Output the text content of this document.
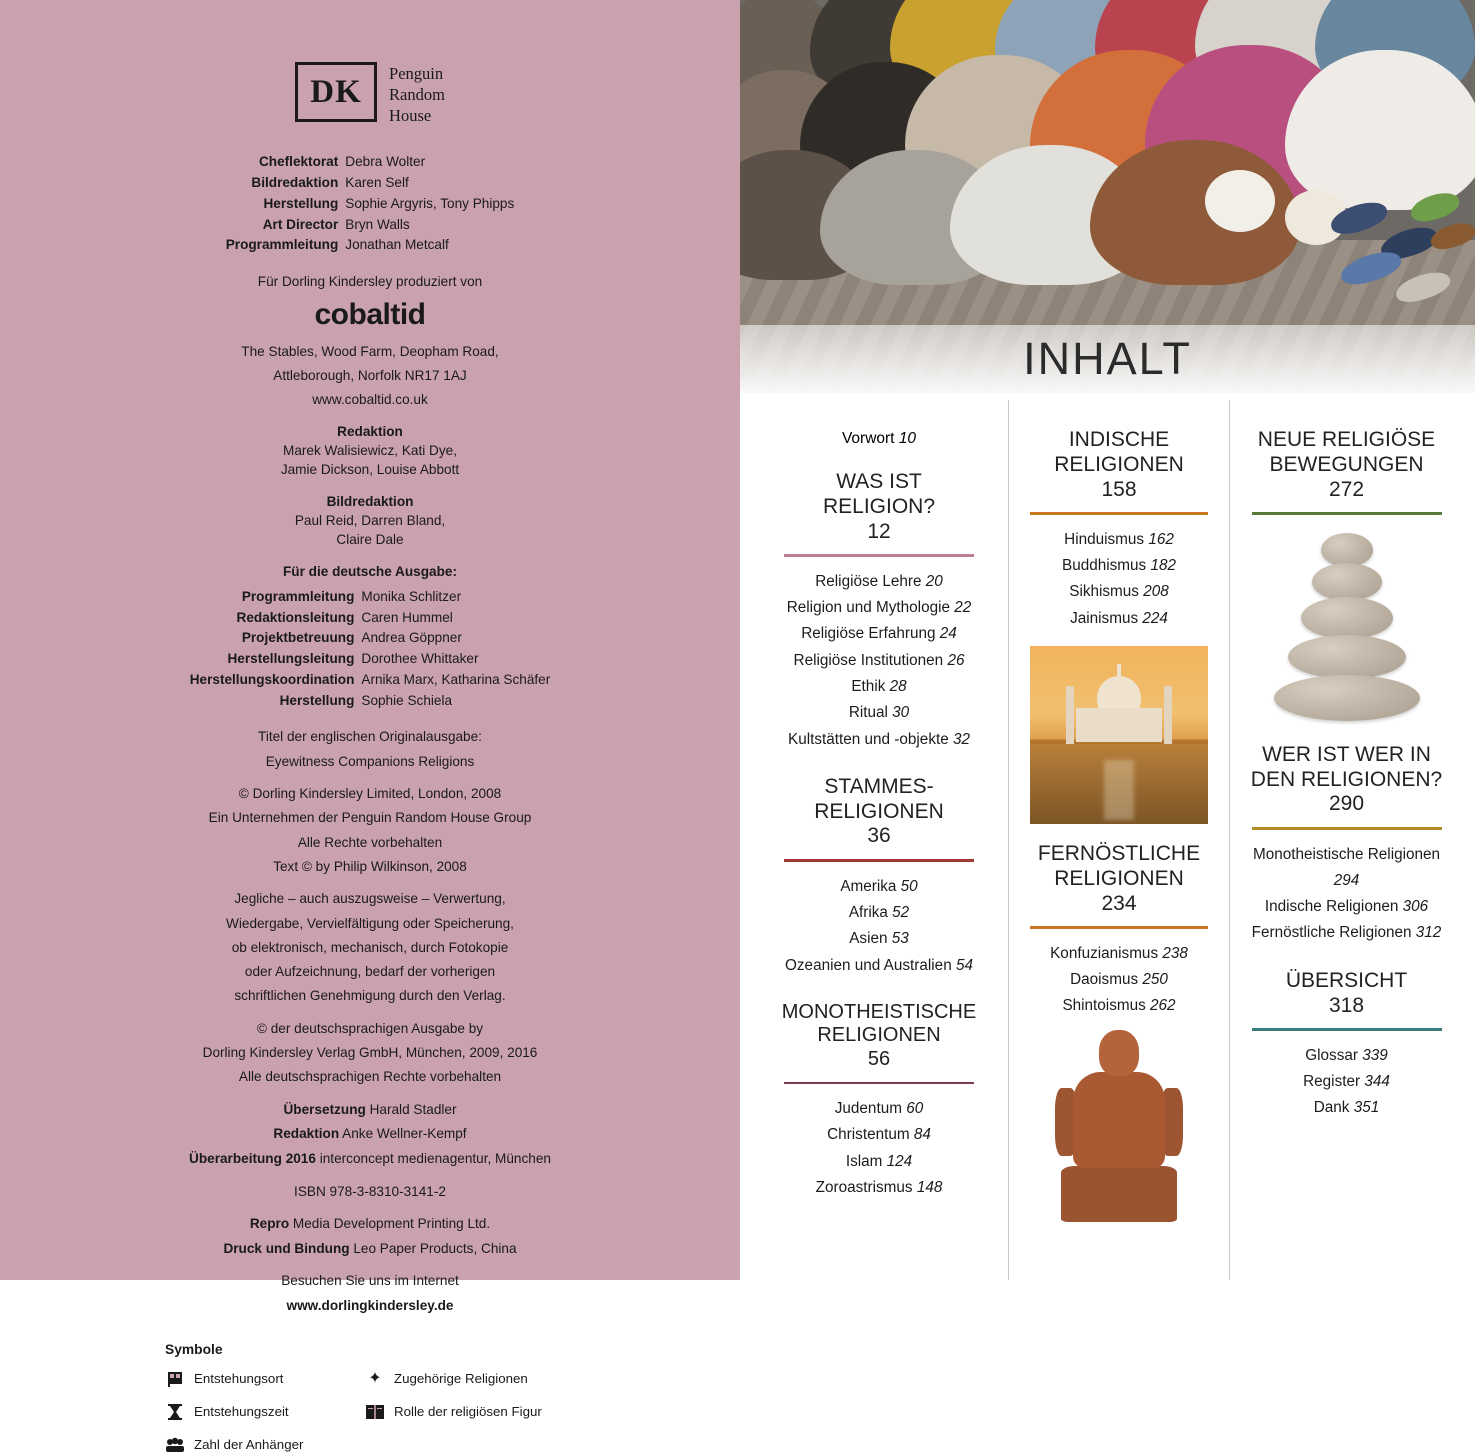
DK
Penguin
Random
House
Cheflektorat	Debra Wolter
Bildredaktion	Karen Self
Herstellung	Sophie Argyris, Tony Phipps
Art Director	Bryn Walls
Programmleitung	Jonathan Metcalf
Für Dorling Kindersley produziert von
cobaltid
The Stables, Wood Farm, Deopham Road,
Attleborough, Norfolk NR17 1AJ
www.cobaltid.co.uk
Redaktion
Marek Walisiewicz, Kati Dye,
Jamie Dickson, Louise Abbott
Bildredaktion
Paul Reid, Darren Bland,
Claire Dale
Für die deutsche Ausgabe:
Programmleitung	Monika Schlitzer
Redaktionsleitung	Caren Hummel
Projektbetreuung	Andrea Göppner
Herstellungsleitung	Dorothee Whittaker
Herstellungskoordination	Arnika Marx, Katharina Schäfer
Herstellung	Sophie Schiela
Titel der englischen Originalausgabe:
Eyewitness Companions Religions
© Dorling Kindersley Limited, London, 2008
Ein Unternehmen der Penguin Random House Group
Alle Rechte vorbehalten
Text © by Philip Wilkinson, 2008
Jegliche – auch auszugsweise – Verwertung,
Wiedergabe, Vervielfältigung oder Speicherung,
ob elektronisch, mechanisch, durch Fotokopie
oder Aufzeichnung, bedarf der vorherigen
schriftlichen Genehmigung durch den Verlag.
© der deutschsprachigen Ausgabe by
Dorling Kindersley Verlag GmbH, München, 2009, 2016
Alle deutschsprachigen Rechte vorbehalten
Übersetzung Harald Stadler
Redaktion Anke Wellner-Kempf
Überarbeitung 2016 interconcept medienagentur, München
ISBN 978-3-8310-3141-2
Repro Media Development Printing Ltd.
Druck und Bindung Leo Paper Products, China
Besuchen Sie uns im Internet
www.dorlingkindersley.de
Symbole
Entstehungsort	✦ Zugehörige Religionen
Entstehungszeit	Rolle der religiösen Figur
Zahl der Anhänger
INHALT
Vorwort 10
WAS IST
RELIGION?
12
Religiöse Lehre 20
Religion und Mythologie 22
Religiöse Erfahrung 24
Religiöse Institutionen 26
Ethik 28
Ritual 30
Kultstätten und -objekte 32
STAMMES-
RELIGIONEN
36
Amerika 50
Afrika 52
Asien 53
Ozeanien und Australien 54
MONOTHEISTISCHE
RELIGIONEN
56
Judentum 60
Christentum 84
Islam 124
Zoroastrismus 148
INDISCHE
RELIGIONEN
158
Hinduismus 162
Buddhismus 182
Sikhismus 208
Jainismus 224
FERNÖSTLICHE
RELIGIONEN
234
Konfuzianismus 238
Daoismus 250
Shintoismus 262
NEUE RELIGIÖSE
BEWEGUNGEN
272
WER IST WER IN
DEN RELIGIONEN?
290
Monotheistische Religionen 294
Indische Religionen 306
Fernöstliche Religionen 312
ÜBERSICHT
318
Glossar 339
Register 344
Dank 351
